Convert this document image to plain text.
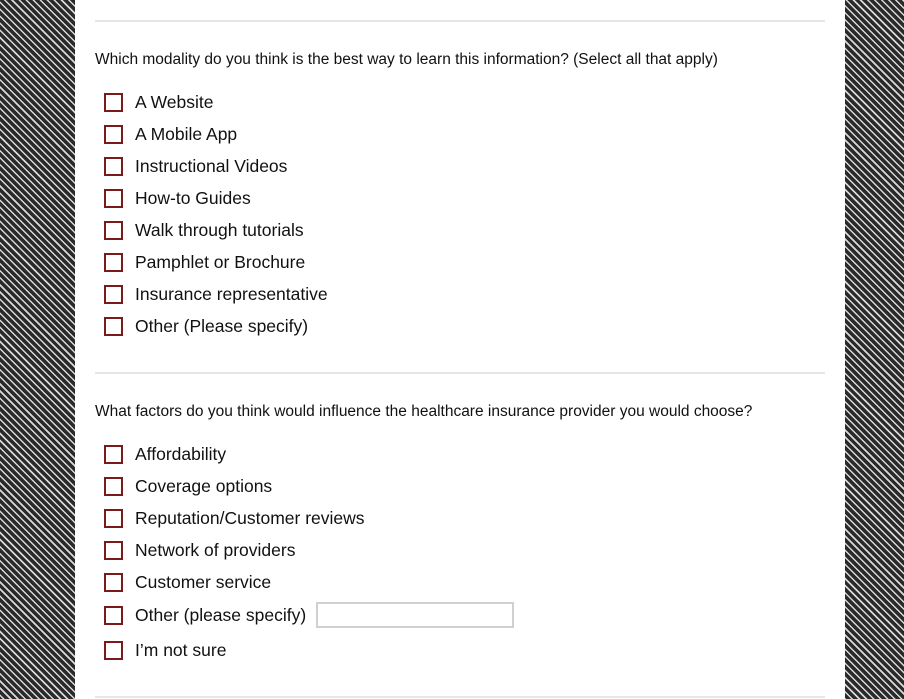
Which modality do you think is the best way to learn this information? (Select all that apply)
A Website
A Mobile App
Instructional Videos
How-to Guides
Walk through tutorials
Pamphlet or Brochure
Insurance representative
Other (Please specify)
What factors do you think would influence the healthcare insurance provider you would choose?
Affordability
Coverage options
Reputation/Customer reviews
Network of providers
Customer service
Other (please specify)
I’m not sure
